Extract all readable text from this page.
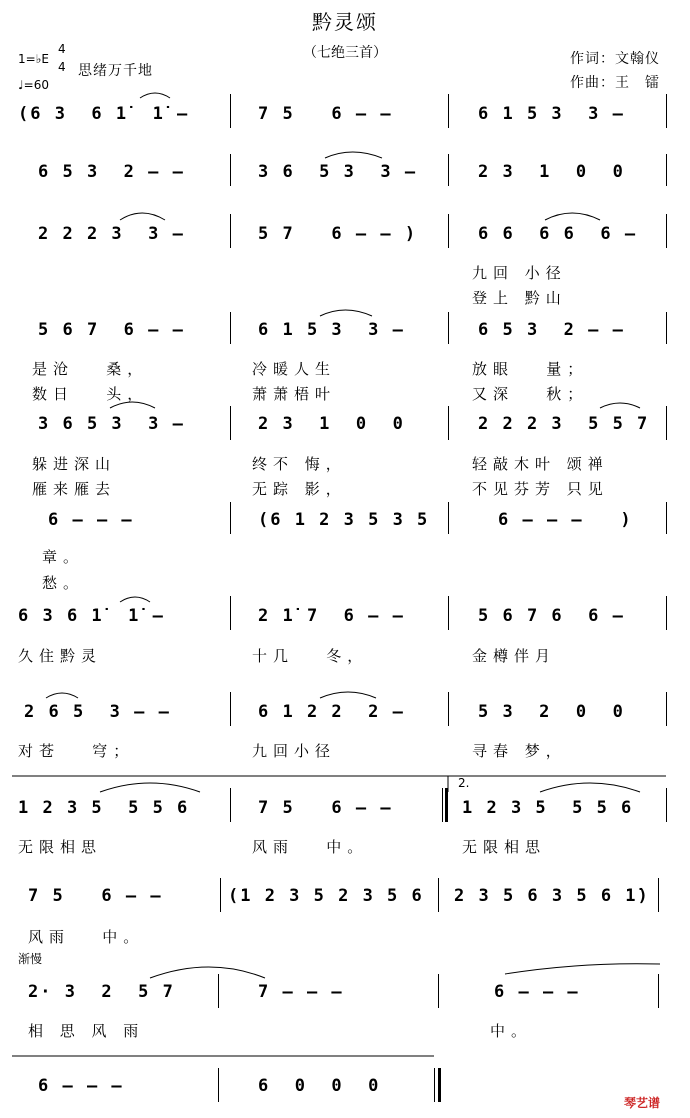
黔灵颂
（七绝三首）
1=♭E
4
4
♩=60
思绪万千地
作词：文翰仪
作曲：王　镭
(6 3  6 1̇  1̇ –	7 5   6 – –	6 1 5 3  3 –
6 5 3  2 – –	3 6  5 3  3 –	2 3  1  0  0
2 2 2 3  3 –	5 7   6 – – )	6 6  6 6  6 –
九回 小径
登上 黔山
5 6 7  6 – –	6 1 5 3  3 –	6 5 3  2 – –
是沧   桑，	冷暖人生	放眼   量；
数日   头，	萧萧梧叶	又深   秋；
3 6 5 3  3 –	2 3  1  0  0	2 2 2 3  5 5 7
躲进深山	终不 悔，	轻敲木叶 颂禅
雁来雁去	无踪 影，	不见芬芳 只见
6 – – –	(6 1 2 3 5 3 5	6 – – –   )
章。
愁。
6 3 6 1̇  1̇ –	2 1̇ 7  6 – –	5 6 7 6  6 –
久住黔灵	十几   冬，	金樽伴月
2 6 5  3 – –	6 1 2 2  2 –	5 3  2  0  0
对苍   穹；	九回小径	寻春 梦，
1 2 3 5  5 5 6	7 5   6 – –	1 2 3 5  5 5 6
无限相思	风雨   中。	无限相思
2.
7 5   6 – –	(1 2 3 5 2 3 5 6 2 3 5 6 3 5 6 1̇)
风雨   中。
渐慢
2· 3  2  5 7	7 – – –	6 – – –
相 思 风 雨	中。
6 – – –	6  0  0  0
琴艺谱
